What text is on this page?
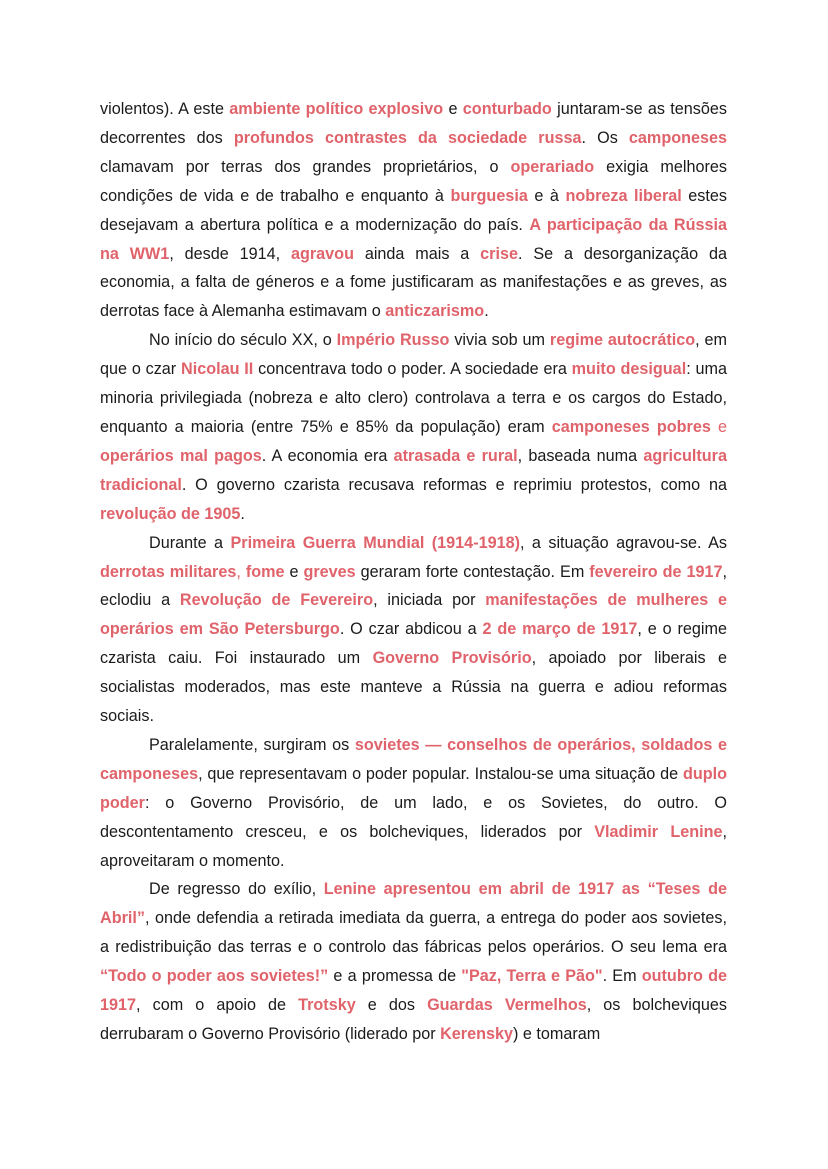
violentos). A este ambiente político explosivo e conturbado juntaram-se as tensões decorrentes dos profundos contrastes da sociedade russa. Os camponeses clamavam por terras dos grandes proprietários, o operariado exigia melhores condições de vida e de trabalho e enquanto à burguesia e à nobreza liberal estes desejavam a abertura política e a modernização do país. A participação da Rússia na WW1, desde 1914, agravou ainda mais a crise. Se a desorganização da economia, a falta de géneros e a fome justificaram as manifestações e as greves, as derrotas face à Alemanha estimavam o anticzarismo.

No início do século XX, o Império Russo vivia sob um regime autocrático, em que o czar Nicolau II concentrava todo o poder. A sociedade era muito desigual: uma minoria privilegiada (nobreza e alto clero) controlava a terra e os cargos do Estado, enquanto a maioria (entre 75% e 85% da população) eram camponeses pobres e operários mal pagos. A economia era atrasada e rural, baseada numa agricultura tradicional. O governo czarista recusava reformas e reprimiu protestos, como na revolução de 1905.

Durante a Primeira Guerra Mundial (1914-1918), a situação agravou-se. As derrotas militares, fome e greves geraram forte contestação. Em fevereiro de 1917, eclodiu a Revolução de Fevereiro, iniciada por manifestações de mulheres e operários em São Petersburgo. O czar abdicou a 2 de março de 1917, e o regime czarista caiu. Foi instaurado um Governo Provisório, apoiado por liberais e socialistas moderados, mas este manteve a Rússia na guerra e adiou reformas sociais.

Paralelamente, surgiram os sovietes — conselhos de operários, soldados e camponeses, que representavam o poder popular. Instalou-se uma situação de duplo poder: o Governo Provisório, de um lado, e os Sovietes, do outro. O descontentamento cresceu, e os bolcheviques, liderados por Vladimir Lenine, aproveitaram o momento.

De regresso do exílio, Lenine apresentou em abril de 1917 as “Teses de Abril”, onde defendia a retirada imediata da guerra, a entrega do poder aos sovietes, a redistribuição das terras e o controlo das fábricas pelos operários. O seu lema era “Todo o poder aos sovietes!” e a promessa de "Paz, Terra e Pão". Em outubro de 1917, com o apoio de Trotsky e dos Guardas Vermelhos, os bolcheviques derrubaram o Governo Provisório (liderado por Kerensky) e tomaram
